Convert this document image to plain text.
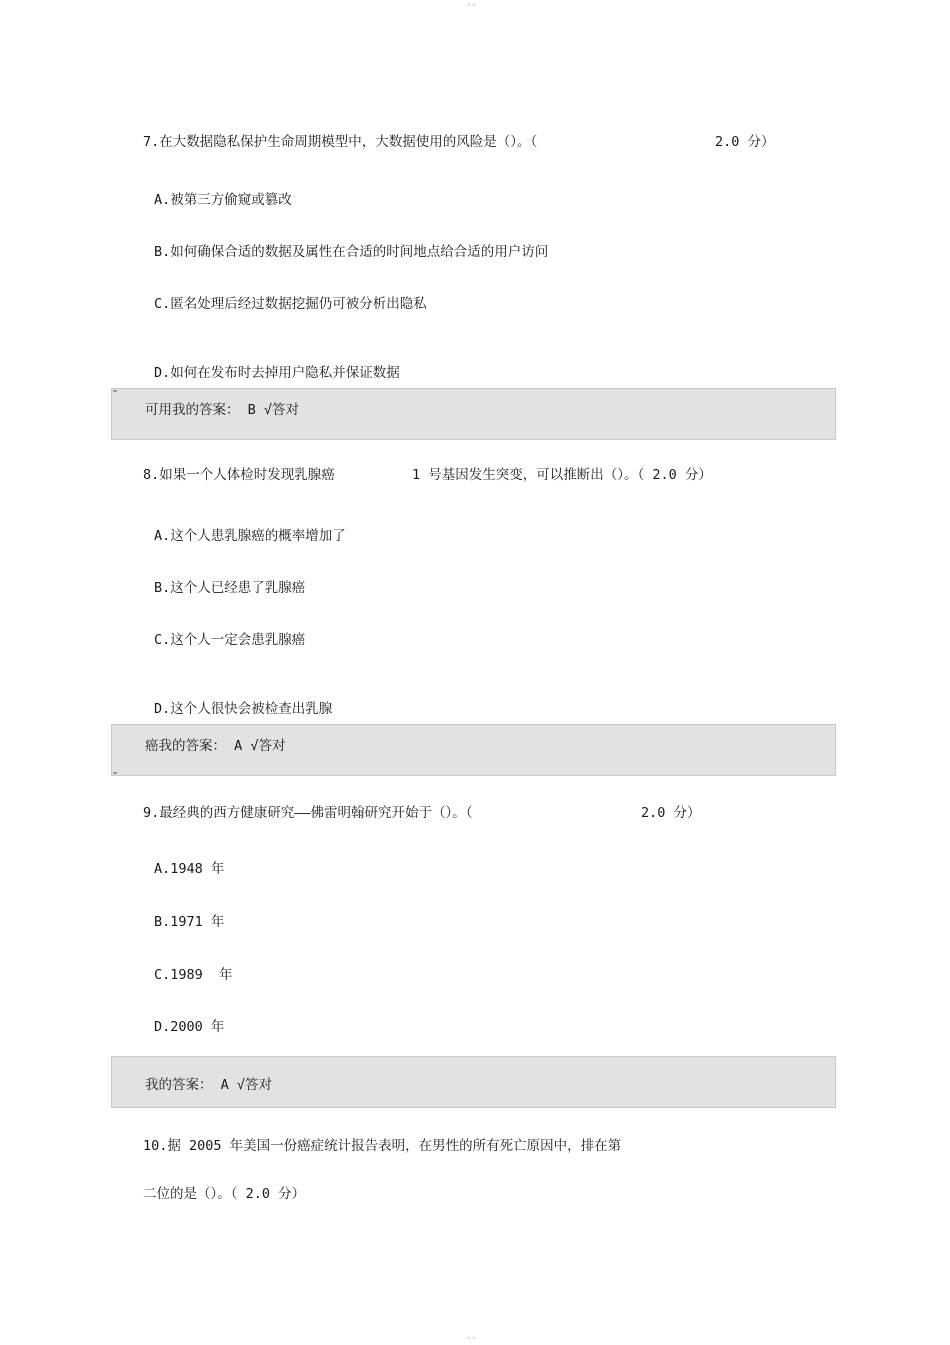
--
7.在大数据隐私保护生命周期模型中，大数据使用的风险是（）。（	2.0 分）
A.被第三方偷窥或篡改
B.如何确保合适的数据及属性在合适的时间地点给合适的用户访问
C.匿名处理后经过数据挖掘仍可被分析出隐私
D.如何在发布时去掉用户隐私并保证数据
可用我的答案： B √答对
8.如果一个人体检时发现乳腺癌	1 号基因发生突变，可以推断出（）。（ 2.0 分）
A.这个人患乳腺癌的概率增加了
B.这个人已经患了乳腺癌
C.这个人一定会患乳腺癌
D.这个人很快会被检查出乳腺
癌我的答案： A √答对
9.最经典的西方健康研究——佛雷明翰研究开始于（）。（	2.0 分）
A.1948 年
B.1971 年
C.1989  年
D.2000 年
我的答案： A √答对
10.据 2005 年美国一份癌症统计报告表明，在男性的所有死亡原因中，排在第
二位的是（）。（ 2.0 分）
--
